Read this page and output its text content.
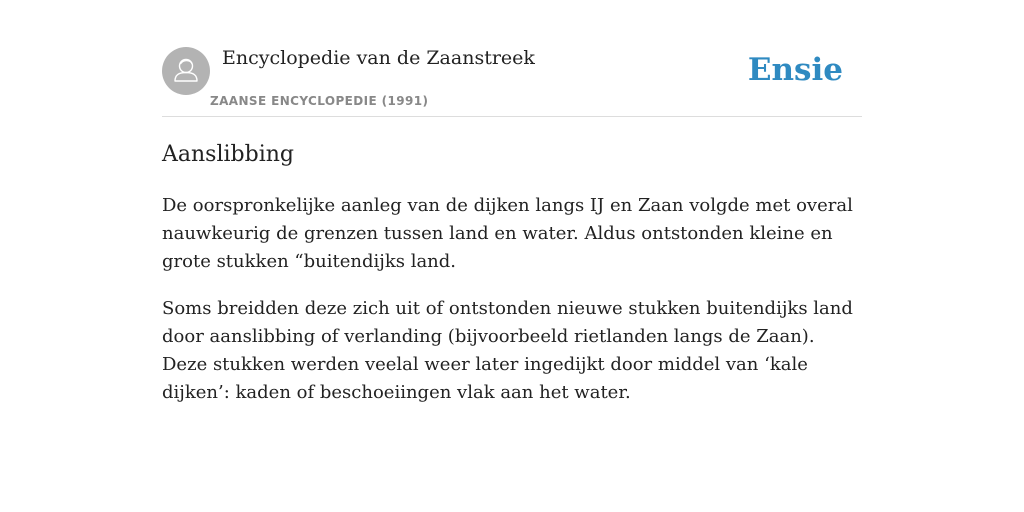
Encyclopedie van de Zaanstreek
ZAANSE ENCYCLOPEDIE (1991)
Ensie
Aanslibbing

De oorspronkelijke aanleg van de dijken langs IJ en Zaan volgde met overal nauwkeurig de grenzen tussen land en water. Aldus ontstonden kleine en grote stukken “buitendijks land.

Soms breidden deze zich uit of ontstonden nieuwe stukken buitendijks land door aanslibbing of verlanding (bijvoorbeeld rietlanden langs de Zaan). Deze stukken werden veelal weer later ingedijkt door middel van ‘kale dijken’: kaden of beschoeiingen vlak aan het water.
